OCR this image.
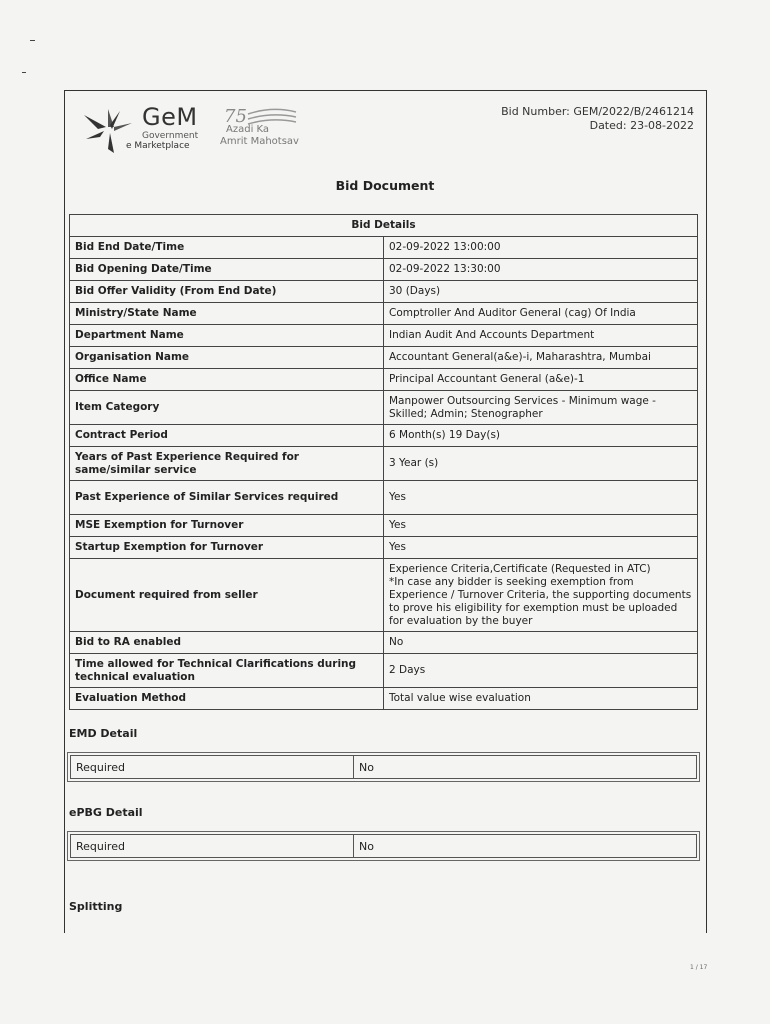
GeM
Government
e Marketplace
75
Azadi Ka
Amrit Mahotsav
Bid Number: GEM/2022/B/2461214
Dated: 23-08-2022
Bid Document
Bid Details	
Bid End Date/Time	02-09-2022 13:00:00
Bid Opening Date/Time	02-09-2022 13:30:00
Bid Offer Validity (From End Date)	30 (Days)
Ministry/State Name	Comptroller And Auditor General (cag) Of India
Department Name	Indian Audit And Accounts Department
Organisation Name	Accountant General(a&e)-i, Maharashtra, Mumbai
Office Name	Principal Accountant General (a&e)-1
Item Category	Manpower Outsourcing Services - Minimum wage - Skilled; Admin; Stenographer
Contract Period	6 Month(s) 19 Day(s)
Years of Past Experience Required for same/similar service	3 Year (s)
Past Experience of Similar Services required	Yes
MSE Exemption for Turnover	Yes
Startup Exemption for Turnover	Yes
Document required from seller	Experience Criteria,Certificate (Requested in ATC)
*In case any bidder is seeking exemption from Experience / Turnover Criteria, the supporting documents to prove his eligibility for exemption must be uploaded for evaluation by the buyer
Bid to RA enabled	No
Time allowed for Technical Clarifications during technical evaluation	2 Days
Evaluation Method	Total value wise evaluation
EMD Detail
Required	No
ePBG Detail
Required	No
Splitting
1 / 17
